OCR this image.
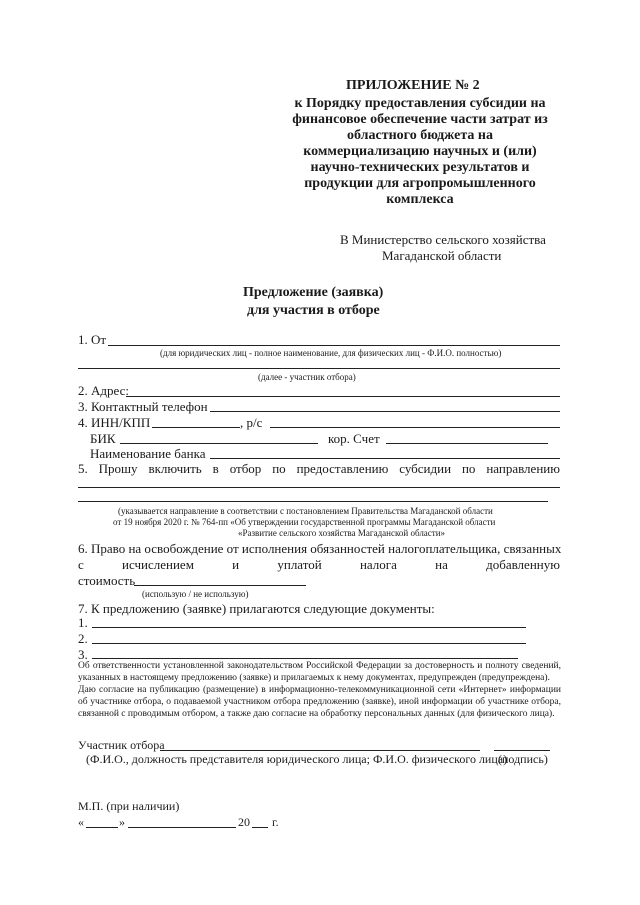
ПРИЛОЖЕНИЕ № 2
к Порядку предоставления субсидии на
финансовое обеспечение части затрат из
областного бюджета на
коммерциализацию научных и (или)
научно-технических результатов и
продукции для агропромышленного
комплекса
В Министерство сельского хозяйства
Магаданской области
Предложение (заявка)
для участия в отборе
1. От
(для юридических лиц - полное наименование, для физических лиц - Ф.И.О. полностью)
(далее - участник отбора)
2. Адрес:
3. Контактный телефон
4. ИНН/КПП	, р/с
БИК	кор. Счет
Наименование банка
5. Прошу включить в отбор по предоставлению субсидии по направлению
(указывается направление в соответствии с постановлением Правительства Магаданской области
от 19 ноября 2020 г. № 764-пп «Об утверждении государственной программы Магаданской области
«Развитие сельского хозяйства Магаданской области»
6. Право на освобождение от исполнения обязанностей налогоплательщика, связанных
с	исчислением	и	уплатой	налога	на	добавленную
стоимость
(использую / не использую)
7. К предложению (заявке) прилагаются следующие документы:
1.
2.
3.
Об ответственности установленной законодательством Российской Федерации за достоверность и полноту сведений, указанных в настоящему предложению (заявке) и прилагаемых к нему документах, предупрежден (предупреждена).
Даю согласие на публикацию (размещение) в информационно-телекоммуникационной сети «Интернет» информации об участнике отбора, о подаваемой участником отбора предложению (заявке), иной информации об участнике отбора, связанной с проводимым отбором, а также даю согласие на обработку персональных данных (для физического лица).
Участник отбора
(Ф.И.О., должность представителя юридического лица; Ф.И.О. физического лица)
(подпись)
М.П. (при наличии)
«	»	20 г.
